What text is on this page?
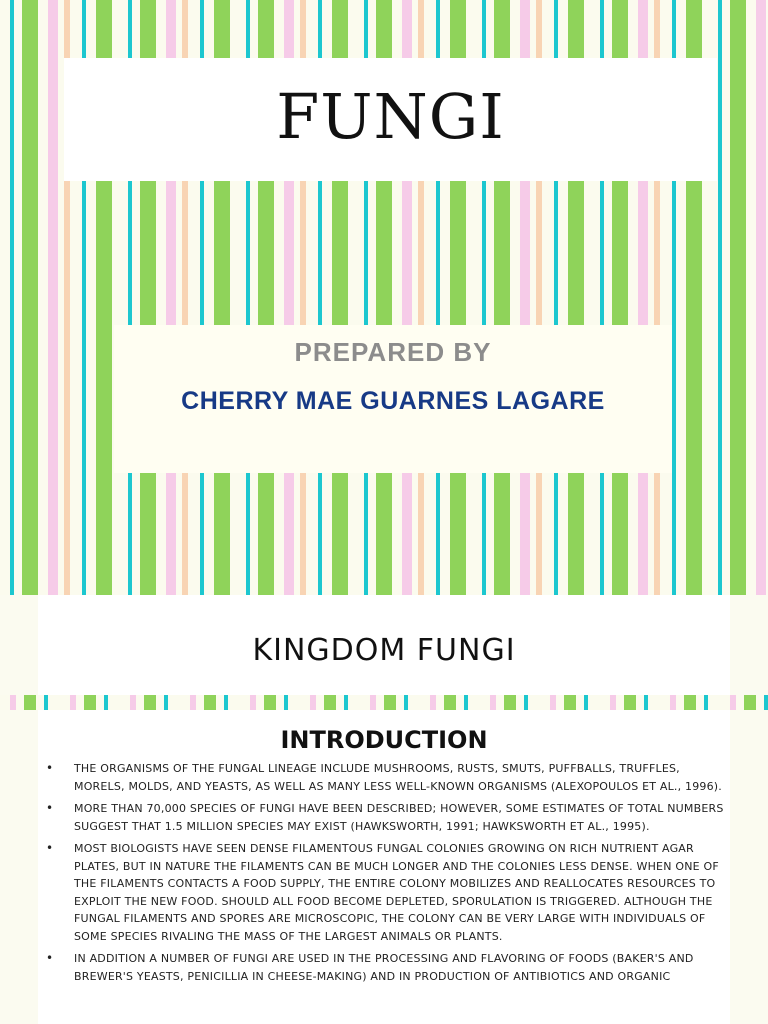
FUNGI
PREPARED BY
CHERRY MAE GUARNES LAGARE
KINGDOM FUNGI
INTRODUCTION
• THE ORGANISMS OF THE FUNGAL LINEAGE INCLUDE MUSHROOMS, RUSTS, SMUTS, PUFFBALLS, TRUFFLES, MORELS, MOLDS, AND YEASTS, AS WELL AS MANY LESS WELL-KNOWN ORGANISMS (ALEXOPOULOS ET AL., 1996).
• MORE THAN 70,000 SPECIES OF FUNGI HAVE BEEN DESCRIBED; HOWEVER, SOME ESTIMATES OF TOTAL NUMBERS SUGGEST THAT 1.5 MILLION SPECIES MAY EXIST (HAWKSWORTH, 1991; HAWKSWORTH ET AL., 1995).
• MOST BIOLOGISTS HAVE SEEN DENSE FILAMENTOUS FUNGAL COLONIES GROWING ON RICH NUTRIENT AGAR PLATES, BUT IN NATURE THE FILAMENTS CAN BE MUCH LONGER AND THE COLONIES LESS DENSE. WHEN ONE OF THE FILAMENTS CONTACTS A FOOD SUPPLY, THE ENTIRE COLONY MOBILIZES AND REALLOCATES RESOURCES TO EXPLOIT THE NEW FOOD. SHOULD ALL FOOD BECOME DEPLETED, SPORULATION IS TRIGGERED. ALTHOUGH THE FUNGAL FILAMENTS AND SPORES ARE MICROSCOPIC, THE COLONY CAN BE VERY LARGE WITH INDIVIDUALS OF SOME SPECIES RIVALING THE MASS OF THE LARGEST ANIMALS OR PLANTS.
• IN ADDITION A NUMBER OF FUNGI ARE USED IN THE PROCESSING AND FLAVORING OF FOODS (BAKER'S AND BREWER'S YEASTS, PENICILLIA IN CHEESE-MAKING) AND IN PRODUCTION OF ANTIBIOTICS AND ORGANIC
